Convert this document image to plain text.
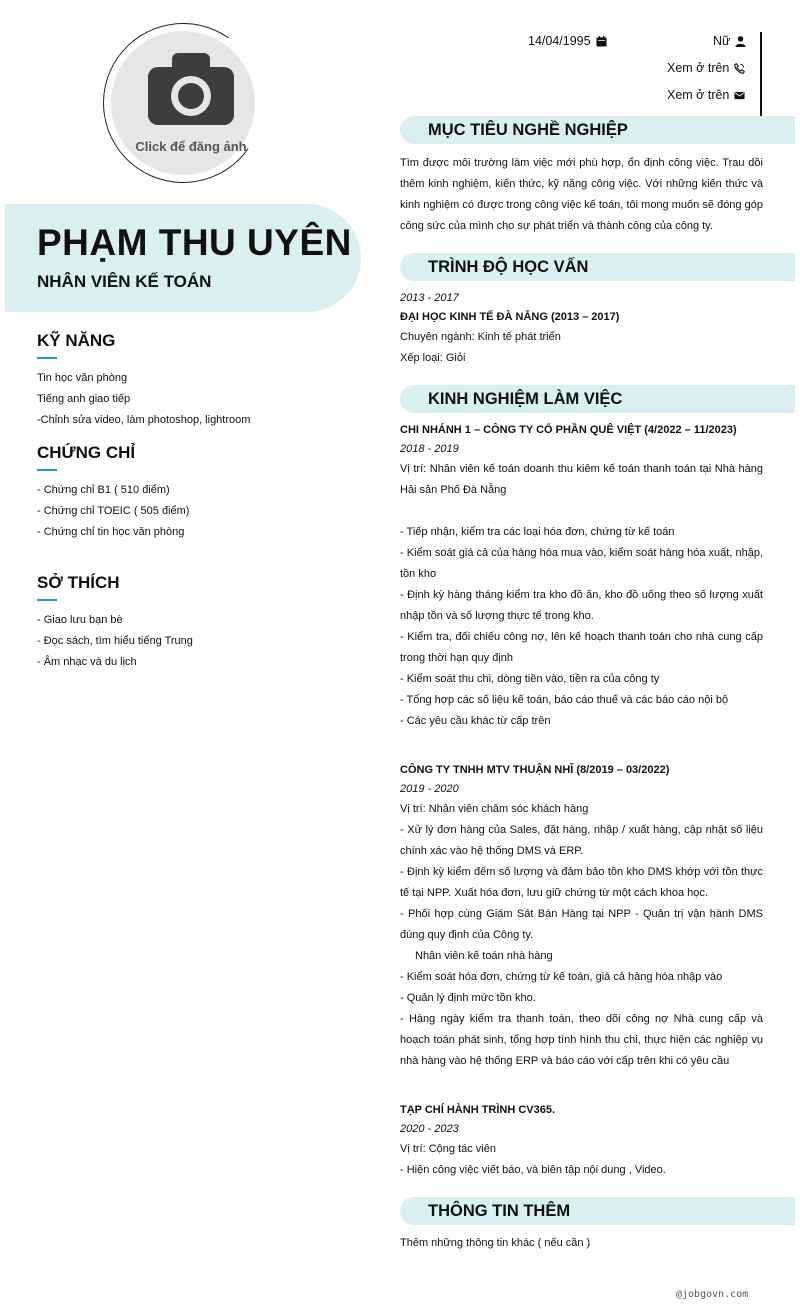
Click để đăng ảnh
PHẠM THU UYÊN
NHÂN VIÊN KẾ TOÁN
KỸ NĂNG
Tin học văn phòng
Tiếng anh giao tiếp
-Chỉnh sửa video, làm photoshop, lightroom
CHỨNG CHỈ
- Chứng chỉ B1 ( 510 điểm)
- Chứng chỉ TOEIC ( 505 điểm)
- Chứng chỉ tin học văn phòng
SỞ THÍCH
- Giao lưu bạn bè
- Đọc sách, tìm hiểu tiếng Trung
- Âm nhạc và du lịch
14/04/1995	Nữ
Xem ở trên
Xem ở trên
MỤC TIÊU NGHỀ NGHIỆP
Tìm được môi trường làm việc mới phù hợp, ổn định công việc. Trau dồi thêm kinh nghiệm, kiến thức, kỹ năng công việc. Với những kiến thức và kinh nghiệm có được trong công việc kế toán, tôi mong muốn sẽ đóng góp công sức của mình cho sự phát triển và thành công của công ty.
TRÌNH ĐỘ HỌC VẤN
2013 - 2017
ĐẠI HỌC KINH TẾ ĐÀ NẴNG (2013 – 2017)
Chuyên ngành: Kinh tế phát triển
Xếp loại: Giỏi
KINH NGHIỆM LÀM VIỆC
CHI NHÁNH 1 – CÔNG TY CỔ PHẦN QUÊ VIỆT (4/2022 – 11/2023)
2018 - 2019
Vị trí: Nhân viên kế toán doanh thu kiêm kế toán thanh toán tại Nhà hàng Hải sản Phố Đà Nẵng
- Tiếp nhận, kiểm tra các loại hóa đơn, chứng từ kế toán
- Kiểm soát giá cả của hàng hóa mua vào, kiểm soát hàng hóa xuất, nhập, tồn kho
- Định kỳ hàng tháng kiểm tra kho đồ ăn, kho đồ uống theo số lượng xuất nhập tồn và số lượng thực tế trong kho.
- Kiểm tra, đối chiếu công nợ, lên kế hoạch thanh toán cho nhà cung cấp trong thời hạn quy định
- Kiểm soát thu chi, dòng tiền vào, tiền ra của công ty
- Tổng hợp các số liệu kế toán, báo cáo thuế và các báo cáo nội bộ
- Các yêu cầu khác từ cấp trên
CÔNG TY TNHH MTV THUẬN NHĨ (8/2019 – 03/2022)
2019 - 2020
Vị trí: Nhân viên chăm sóc khách hàng
- Xử lý đơn hàng của Sales, đặt hàng, nhập / xuất hàng, cập nhật số liệu chính xác vào hệ thống DMS và ERP.
- Định kỳ kiểm đếm số lượng và đảm bảo tồn kho DMS khớp với tồn thực tế tại NPP. Xuất hóa đơn, lưu giữ chứng từ một cách khoa học.
- Phối hợp cùng Giám Sát Bán Hàng tại NPP - Quản trị vận hành DMS đúng quy định của Công ty.
Nhân viên kế toán nhà hàng
- Kiểm soát hóa đơn, chứng từ kế toán, giá cả hàng hóa nhập vào
- Quản lý định mức tồn kho.
- Hàng ngày kiểm tra thanh toán, theo dõi công nợ Nhà cung cấp và hoạch toán phát sinh, tổng hợp tình hình thu chi, thực hiện các nghiệp vụ nhà hàng vào hệ thống ERP và báo cáo với cấp trên khi có yêu cầu
TẠP CHÍ HÀNH TRÌNH CV365.
2020 - 2023
Vị trí: Cộng tác viên
- Hiện công việc viết báo, và biên tập nội dung , Video.
THÔNG TIN THÊM
Thêm những thông tin khác ( nếu cần )
@jobgovn.com
